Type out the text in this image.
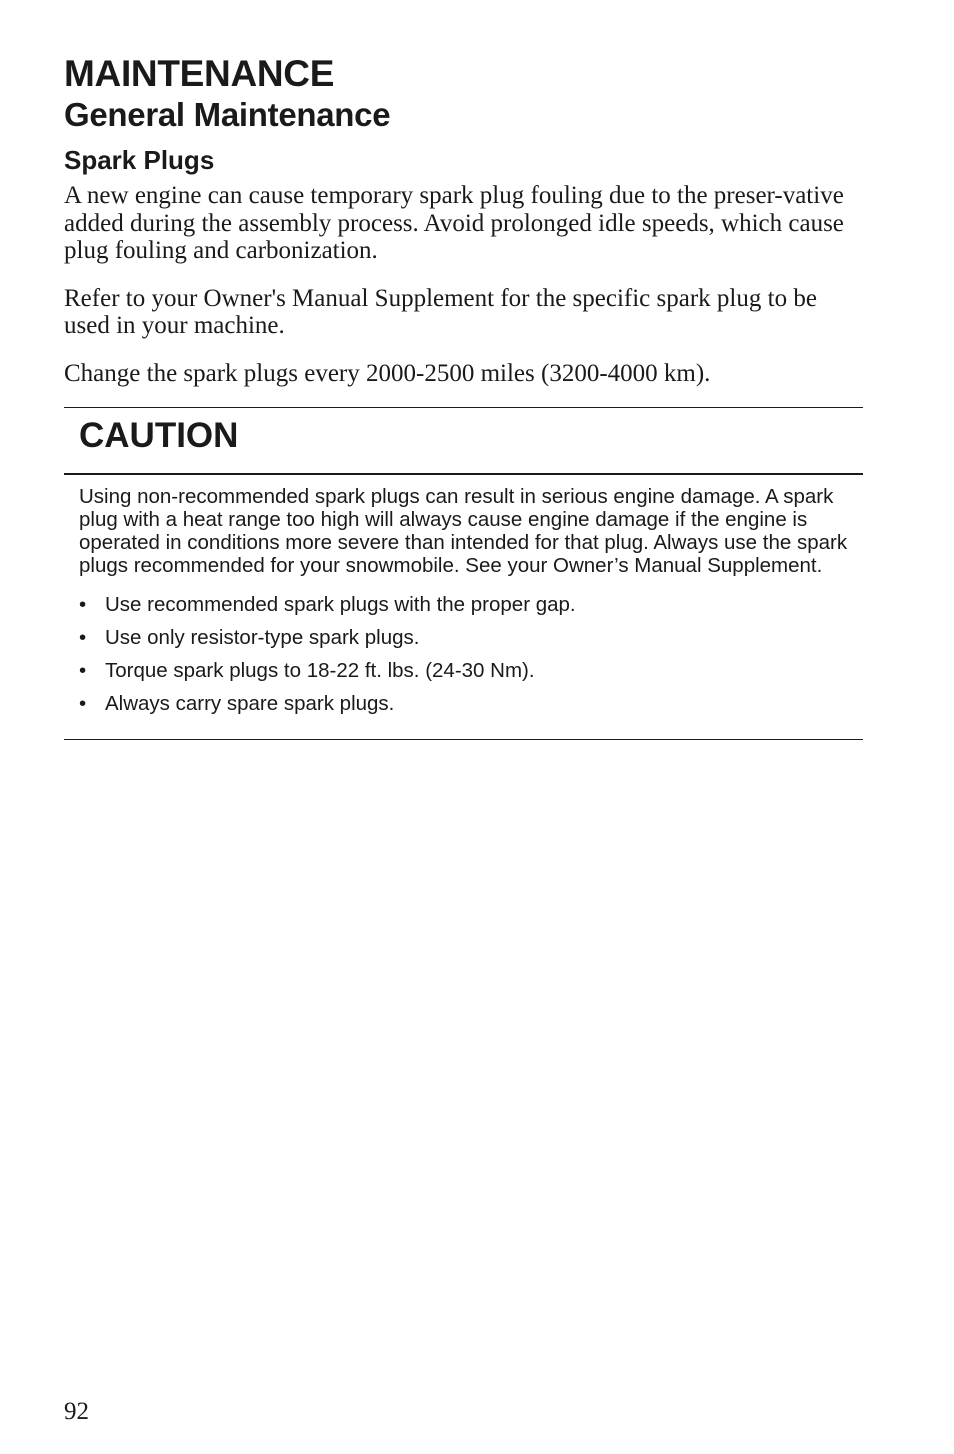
MAINTENANCE
General Maintenance
Spark Plugs

A new engine can cause temporary spark plug fouling due to the preser-vative added during the assembly process. Avoid prolonged idle speeds, which cause plug fouling and carbonization.

Refer to your Owner's Manual Supplement for the specific spark plug to be used in your machine.

Change the spark plugs every 2000-2500 miles (3200-4000 km).

CAUTION

Using non-recommended spark plugs can result in serious engine damage. A spark plug with a heat range too high will always cause engine damage if the engine is operated in conditions more severe than intended for that plug. Always use the spark plugs recommended for your snowmobile. See your Owner’s Manual Supplement.

• Use recommended spark plugs with the proper gap.
• Use only resistor-type spark plugs.
• Torque spark plugs to 18-22 ft. lbs. (24-30 Nm).
• Always carry spare spark plugs.
92
